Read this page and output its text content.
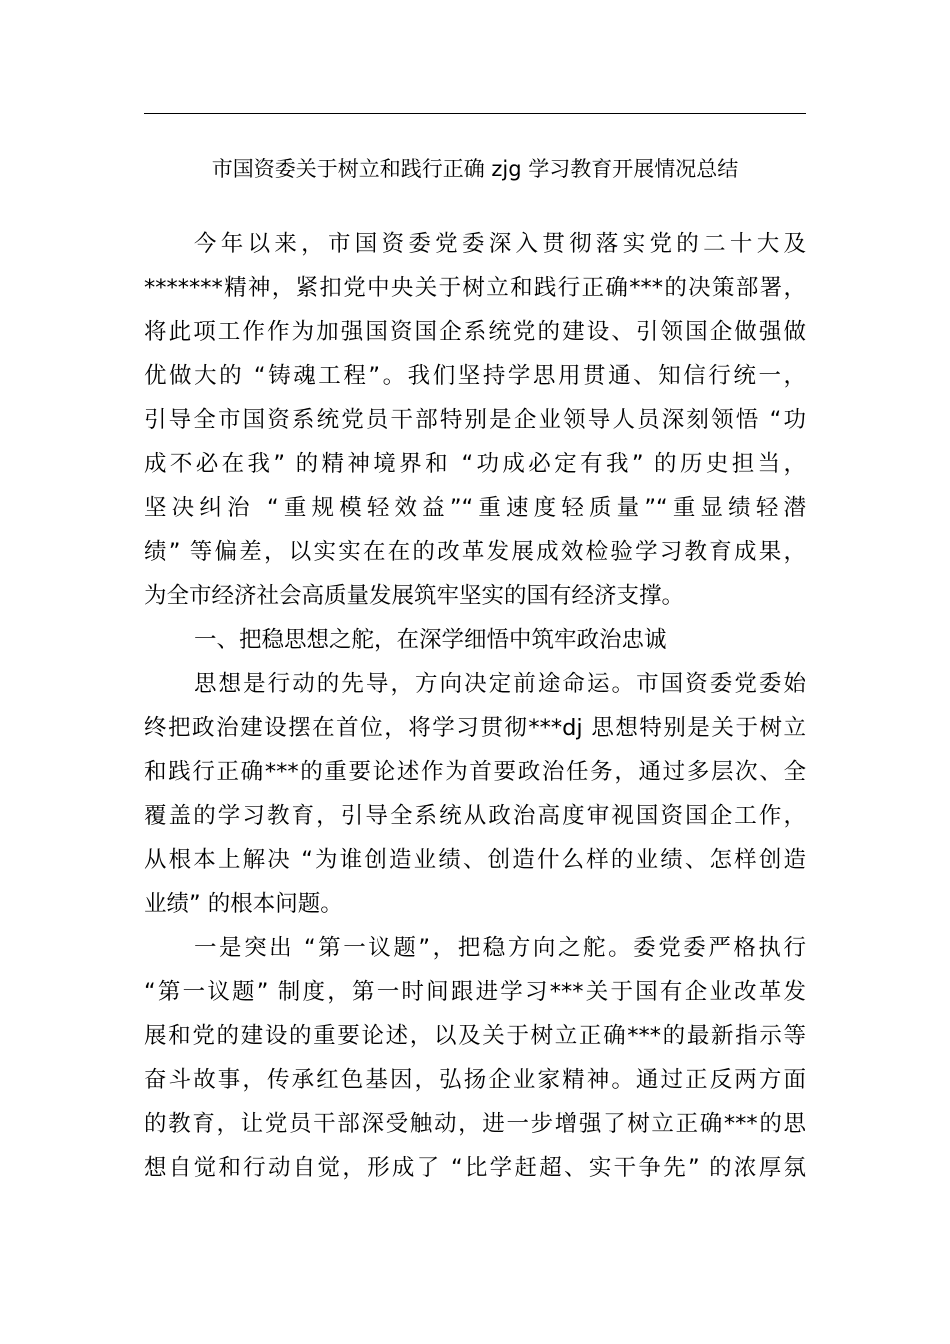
市国资委关于树立和践行正确 zjg 学习教育开展情况总结
今年以来，市国资委党委深入贯彻落实党的二十大及
*******精神，紧扣党中央关于树立和践行正确***的决策部署，
将此项工作作为加强国资国企系统党的建设、引领国企做强做
优做大的 “铸魂工程”。我们坚持学思用贯通、知信行统一，
引导全市国资系统党员干部特别是企业领导人员深刻领悟 “功
成不必在我” 的精神境界和 “功成必定有我” 的历史担当，
坚决纠治 “重规模轻效益”“重速度轻质量”“重显绩轻潜
绩” 等偏差，以实实在在的改革发展成效检验学习教育成果，
为全市经济社会高质量发展筑牢坚实的国有经济支撑。
一、把稳思想之舵，在深学细悟中筑牢政治忠诚
思想是行动的先导，方向决定前途命运。市国资委党委始
终把政治建设摆在首位，将学习贯彻***dj 思想特别是关于树立
和践行正确***的重要论述作为首要政治任务，通过多层次、全
覆盖的学习教育，引导全系统从政治高度审视国资国企工作，
从根本上解决 “为谁创造业绩、创造什么样的业绩、怎样创造
业绩” 的根本问题。
一是突出 “第一议题”，把稳方向之舵。委党委严格执行
“第一议题” 制度，第一时间跟进学习***关于国有企业改革发
展和党的建设的重要论述，以及关于树立正确***的最新指示等
奋斗故事，传承红色基因，弘扬企业家精神。通过正反两方面
的教育，让党员干部深受触动，进一步增强了树立正确***的思
想自觉和行动自觉，形成了 “比学赶超、实干争先” 的浓厚氛
